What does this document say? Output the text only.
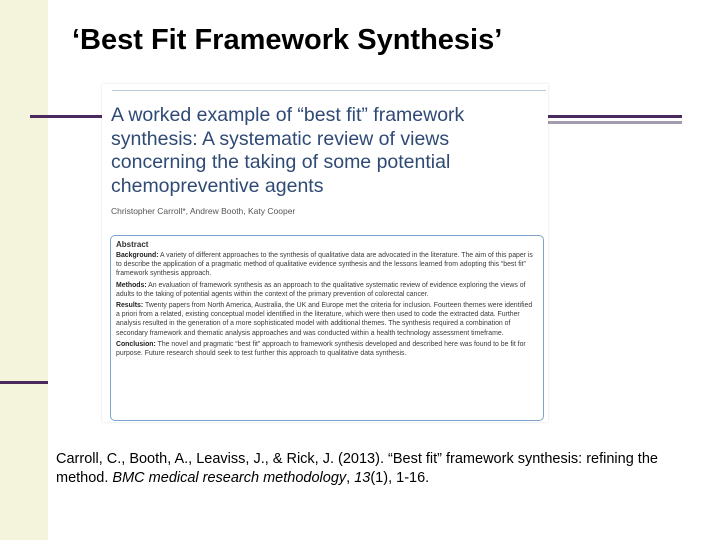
‘Best Fit Framework Synthesis’
A worked example of “best fit” framework synthesis: A systematic review of views concerning the taking of some potential chemopreventive agents
Christopher Carroll*, Andrew Booth, Katy Cooper
Abstract

Background: A variety of different approaches to the synthesis of qualitative data are advocated in the literature. The aim of this paper is to describe the application of a pragmatic method of qualitative evidence synthesis and the lessons learned from adopting this “best fit” framework synthesis approach.

Methods: An evaluation of framework synthesis as an approach to the qualitative systematic review of evidence exploring the views of adults to the taking of potential agents within the context of the primary prevention of colorectal cancer.

Results: Twenty papers from North America, Australia, the UK and Europe met the criteria for inclusion. Fourteen themes were identified a priori from a related, existing conceptual model identified in the literature, which were then used to code the extracted data. Further analysis resulted in the generation of a more sophisticated model with additional themes. The synthesis required a combination of secondary framework and thematic analysis approaches and was conducted within a health technology assessment timeframe.

Conclusion: The novel and pragmatic “best fit” approach to framework synthesis developed and described here was found to be fit for purpose. Future research should seek to test further this approach to qualitative data synthesis.

Carroll, C., Booth, A., Leaviss, J., & Rick, J. (2013). “Best fit” framework synthesis: refining the method. BMC medical research methodology, 13(1), 1-16.
